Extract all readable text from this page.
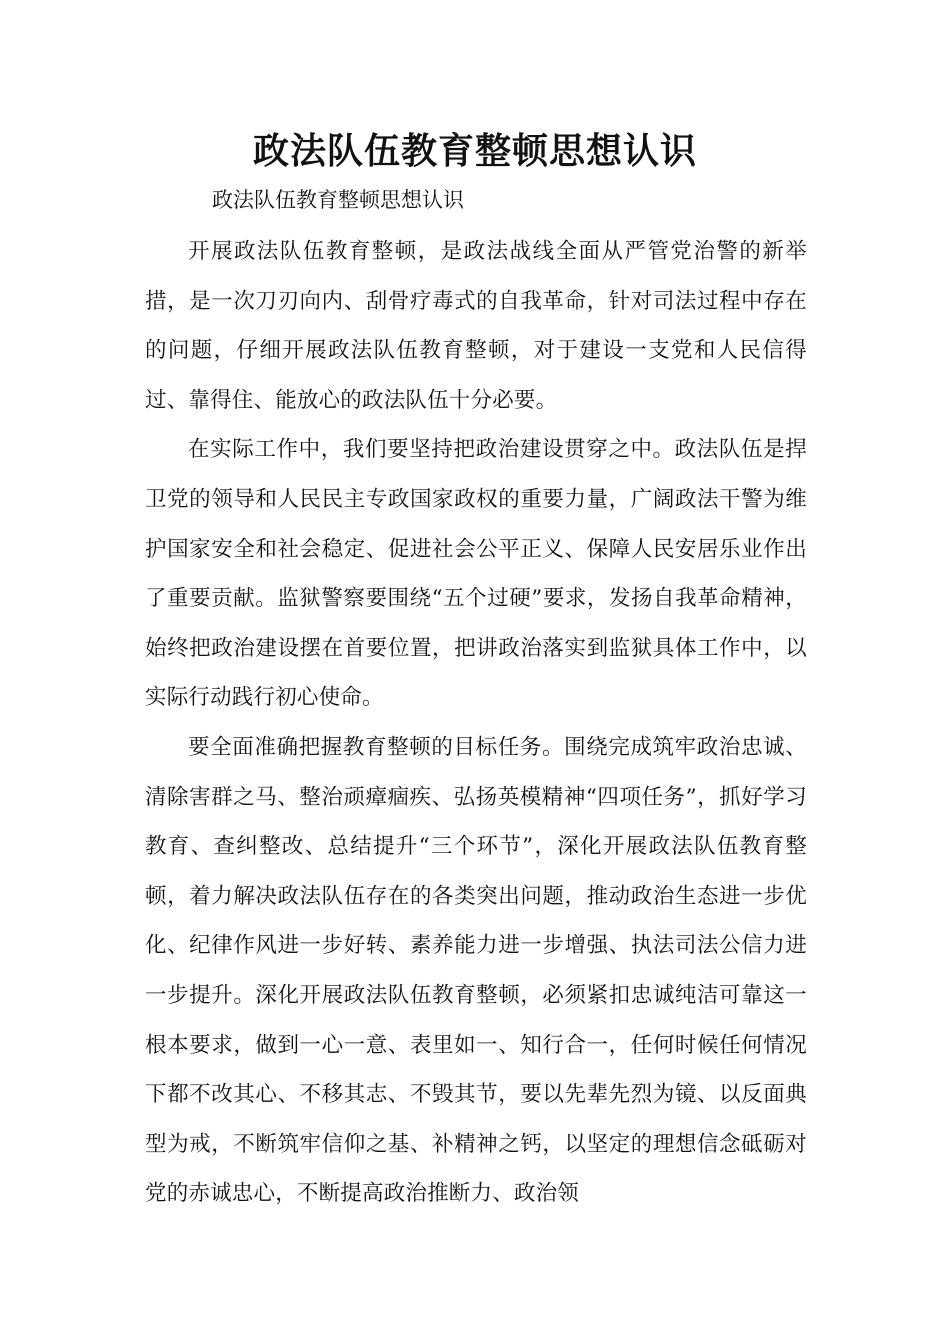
政法队伍教育整顿思想认识

政法队伍教育整顿思想认识

开展政法队伍教育整顿，是政法战线全面从严管党治警的新举措，是一次刀刃向内、刮骨疗毒式的自我革命，针对司法过程中存在的问题，仔细开展政法队伍教育整顿，对于建设一支党和人民信得过、靠得住、能放心的政法队伍十分必要。

在实际工作中，我们要坚持把政治建设贯穿之中。政法队伍是捍卫党的领导和人民民主专政国家政权的重要力量，广阔政法干警为维护国家安全和社会稳定、促进社会公平正义、保障人民安居乐业作出了重要贡献。监狱警察要围绕“五个过硬”要求，发扬自我革命精神，始终把政治建设摆在首要位置，把讲政治落实到监狱具体工作中，以实际行动践行初心使命。

要全面准确把握教育整顿的目标任务。围绕完成筑牢政治忠诚、清除害群之马、整治顽瘴痼疾、弘扬英模精神“四项任务”，抓好学习教育、查纠整改、总结提升“三个环节”，深化开展政法队伍教育整顿，着力解决政法队伍存在的各类突出问题，推动政治生态进一步优化、纪律作风进一步好转、素养能力进一步增强、执法司法公信力进一步提升。深化开展政法队伍教育整顿，必须紧扣忠诚纯洁可靠这一根本要求，做到一心一意、表里如一、知行合一，任何时候任何情况下都不改其心、不移其志、不毁其节，要以先辈先烈为镜、以反面典型为戒，不断筑牢信仰之基、补精神之钙，以坚定的理想信念砥砺对党的赤诚忠心，不断提高政治推断力、政治领
